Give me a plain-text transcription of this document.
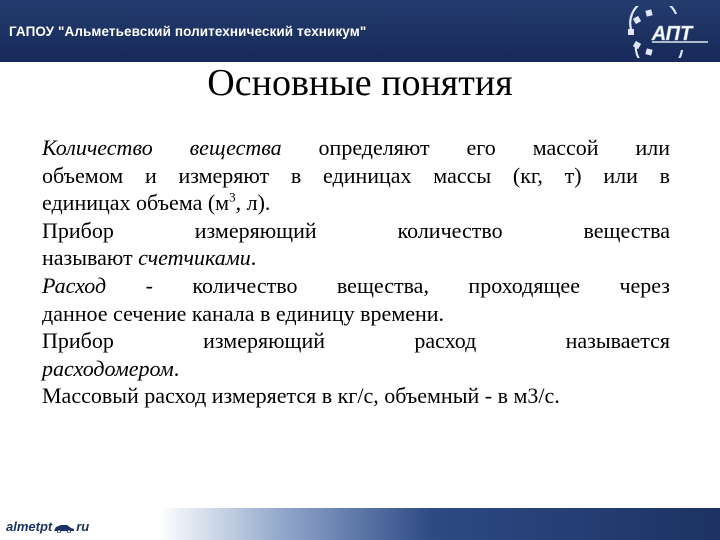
ГАПОУ "Альметьевский политехнический техникум"	АПТ
Основные понятия

Количество вещества определяют его массой или
объемом и измеряют в единицах массы (кг, т) или в
единицах объема ($м^3$, л).

Прибор измеряющий количество вещества
называют счетчиками.

Расход - количество вещества, проходящее через
данное сечение канала в единицу времени.

Прибор измеряющий расход называется
расходомером.

Массовый расход измеряется в кг/с, объемный - в м3/с.

almetpt ru
